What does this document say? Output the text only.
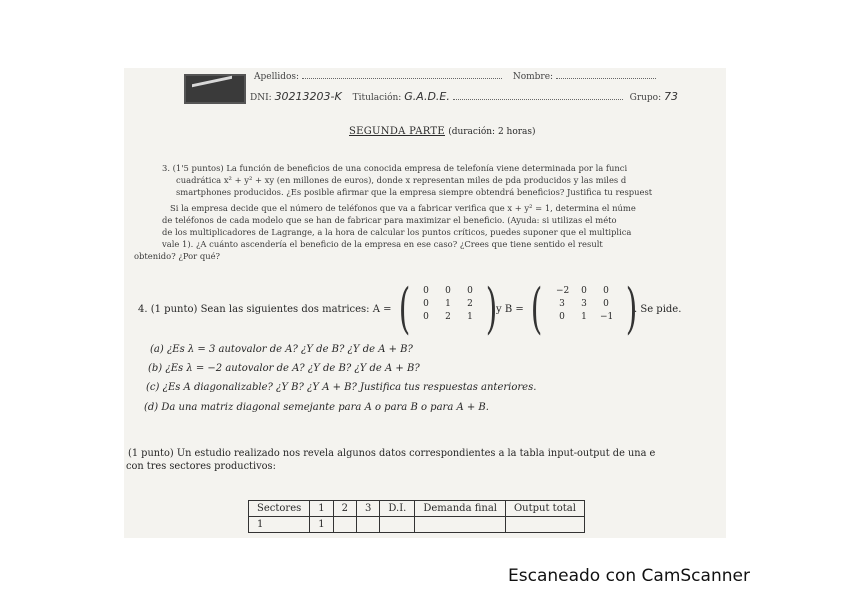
Apellidos:	Nombre:
DNI: 30213203-K Titulación: G.A.D.E.	Grupo: 73
SEGUNDA PARTE (duración: 2 horas)
3. (1'5 puntos) La función de beneficios de una conocida empresa de telefonía viene determinada por la funci
cuadrática x² + y² + xy (en millones de euros), donde x representan miles de pda producidos y las miles d
smartphones producidos. ¿Es posible afirmar que la empresa siempre obtendrá beneficios? Justifica tu respuest
Si la empresa decide que el número de teléfonos que va a fabricar verifica que x + y² = 1, determina el núme
de teléfonos de cada modelo que se han de fabricar para maximizar el beneficio. (Ayuda: si utilizas el méto
de los multiplicadores de Lagrange, a la hora de calcular los puntos críticos, puedes suponer que el multiplica
vale 1). ¿A cuánto ascendería el beneficio de la empresa en ese caso? ¿Crees que tiene sentido el result
obtenido? ¿Por qué?
4. (1 punto) Sean las siguientes dos matrices: A = (	0	0	0
0	1	2
0	2	1 )
y B = ( −2	0	0
3	3	0
0	1	−1 )
. Se pide.
(a) ¿Es λ = 3 autovalor de A? ¿Y de B? ¿Y de A + B?
(b) ¿Es λ = −2 autovalor de A? ¿Y de B? ¿Y de A + B?
(c) ¿Es A diagonalizable? ¿Y B? ¿Y A + B? Justifica tus respuestas anteriores.
(d) Da una matriz diagonal semejante para A o para B o para A + B.
(1 punto) Un estudio realizado nos revela algunos datos correspondientes a la tabla input-output de una e
con tres sectores productivos:
Sectores	1	2	3	D.I.	Demanda final	Output total
1	1					
Escaneado con CamScanner
